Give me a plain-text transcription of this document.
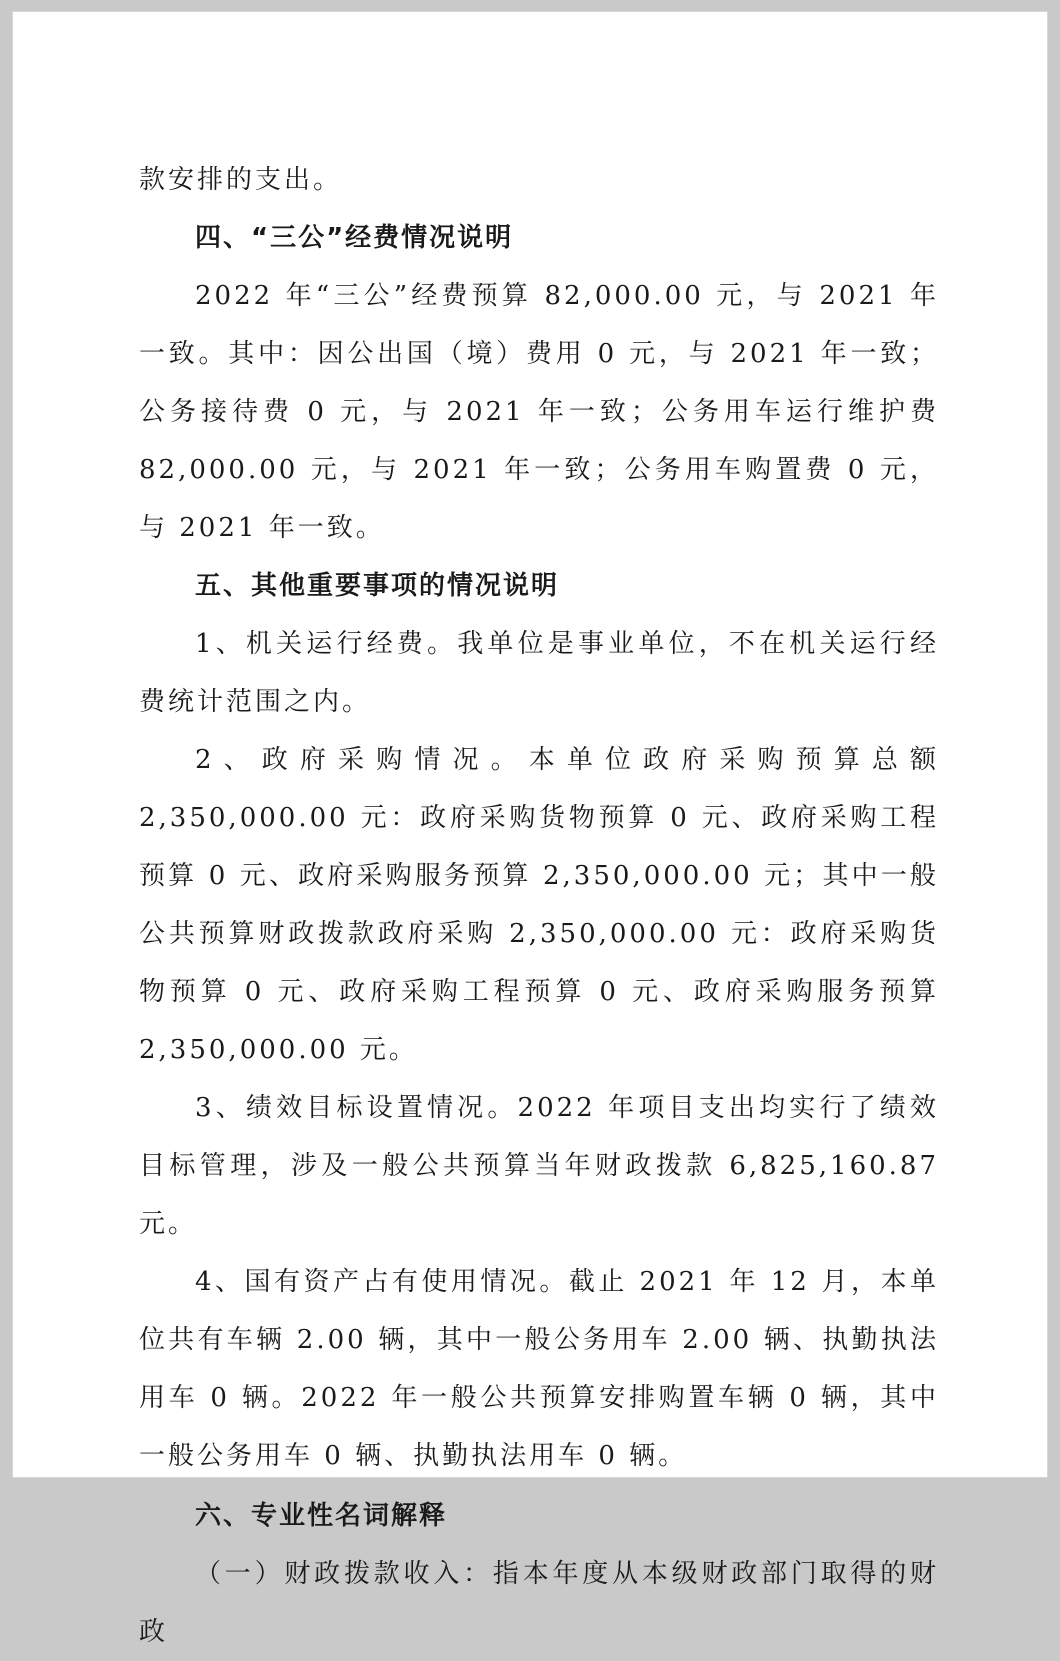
款安排的支出。

四、“三公”经费情况说明

2022 年“三公”经费预算 82,000.00 元，与 2021 年一致。其中：因公出国（境）费用 0 元，与 2021 年一致；公务接待费 0 元，与 2021 年一致；公务用车运行维护费 82,000.00 元，与 2021 年一致；公务用车购置费 0 元，与 2021 年一致。

五、其他重要事项的情况说明

1、机关运行经费。我单位是事业单位，不在机关运行经费统计范围之内。

2、政府采购情况。本单位政府采购预算总额 2,350,000.00 元：政府采购货物预算 0 元、政府采购工程预算 0 元、政府采购服务预算 2,350,000.00 元；其中一般公共预算财政拨款政府采购 2,350,000.00 元：政府采购货物预算 0 元、政府采购工程预算 0 元、政府采购服务预算 2,350,000.00 元。

3、绩效目标设置情况。2022 年项目支出均实行了绩效目标管理，涉及一般公共预算当年财政拨款 6,825,160.87 元。

4、国有资产占有使用情况。截止 2021 年 12 月，本单位共有车辆 2.00 辆，其中一般公务用车 2.00 辆、执勤执法用车 0 辆。2022 年一般公共预算安排购置车辆 0 辆，其中一般公务用车 0 辆、执勤执法用车 0 辆。

六、专业性名词解释

（一）财政拨款收入：指本年度从本级财政部门取得的财政
